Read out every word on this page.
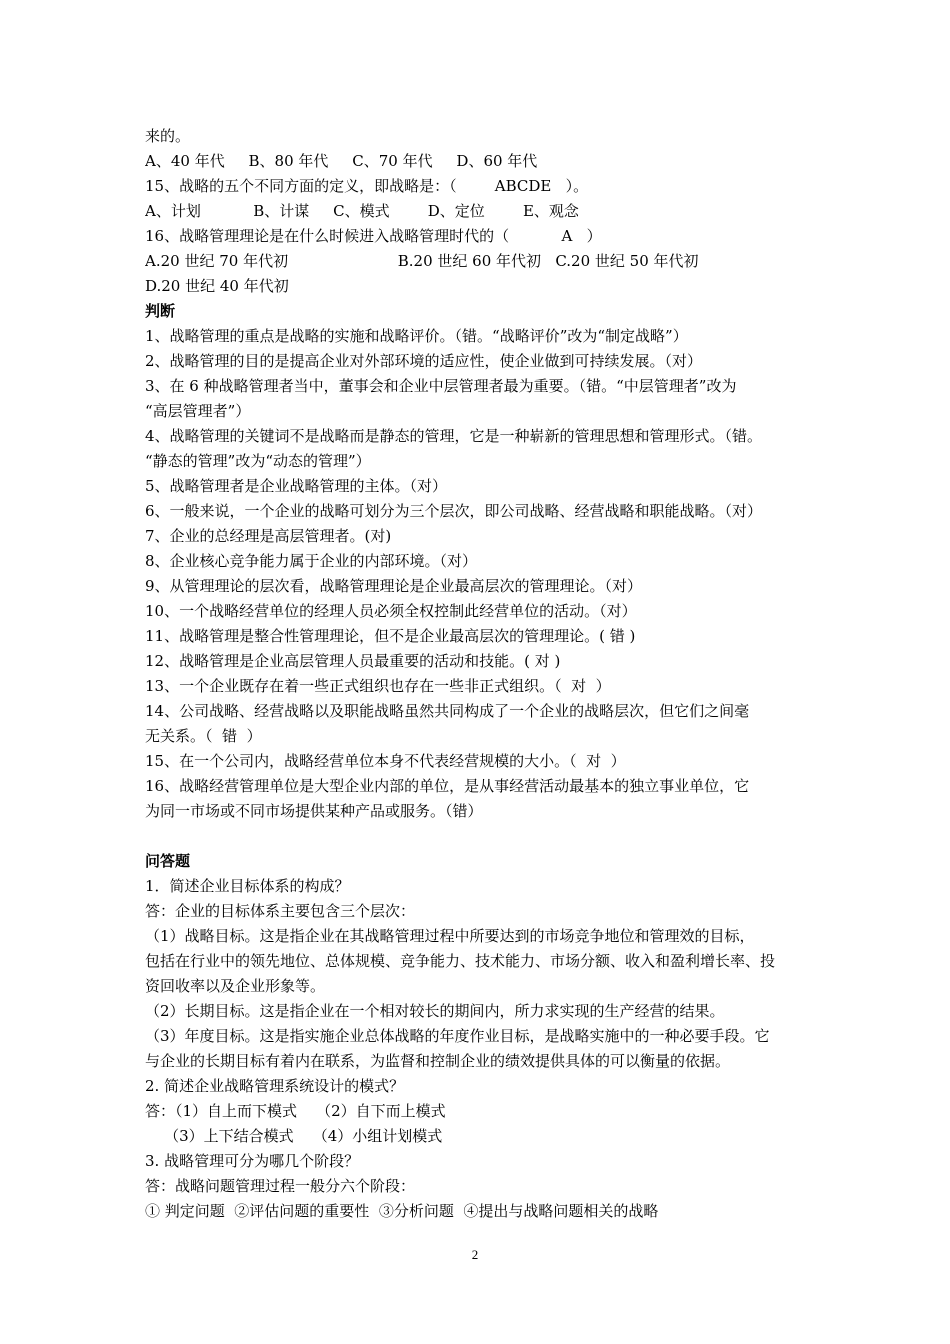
来的。
A、40 年代     B、80 年代     C、70 年代     D、60 年代
15、战略的五个不同方面的定义，即战略是：（        ABCDE   ）。
A、计划           B、计谋     C、模式        D、定位        E、观念
16、战略管理理论是在什么时候进入战略管理时代的（           A   ）
A.20 世纪 70 年代初                       B.20 世纪 60 年代初   C.20 世纪 50 年代初
D.20 世纪 40 年代初
判断
1、战略管理的重点是战略的实施和战略评价。（错。“战略评价”改为“制定战略”）
2、战略管理的目的是提高企业对外部环境的适应性，使企业做到可持续发展。（对）
3、在 6 种战略管理者当中，董事会和企业中层管理者最为重要。（错。“中层管理者”改为
“高层管理者”）
4、战略管理的关键词不是战略而是静态的管理，它是一种崭新的管理思想和管理形式。（错。
“静态的管理”改为“动态的管理”）
5、战略管理者是企业战略管理的主体。（对）
6、一般来说，一个企业的战略可划分为三个层次，即公司战略、经营战略和职能战略。（对）
7、企业的总经理是高层管理者。(对)
8、企业核心竞争能力属于企业的内部环境。（对）
9、从管理理论的层次看，战略管理理论是企业最高层次的管理理论。（对）
10、一个战略经营单位的经理人员必须全权控制此经营单位的活动。（对）
11、战略管理是整合性管理理论，但不是企业最高层次的管理理论。( 错 )
12、战略管理是企业高层管理人员最重要的活动和技能。( 对 )
13、一个企业既存在着一些正式组织也存在一些非正式组织。（  对  ）
14、公司战略、经营战略以及职能战略虽然共同构成了一个企业的战略层次，但它们之间毫
无关系。（  错  ）
15、在一个公司内，战略经营单位本身不代表经营规模的大小。（  对  ）
16、战略经营管理单位是大型企业内部的单位，是从事经营活动最基本的独立事业单位，它
为同一市场或不同市场提供某种产品或服务。（错）
问答题
1．简述企业目标体系的构成？
答：企业的目标体系主要包含三个层次：
（1）战略目标。这是指企业在其战略管理过程中所要达到的市场竞争地位和管理效的目标，
包括在行业中的领先地位、总体规模、竞争能力、技术能力、市场分额、收入和盈利增长率、投
资回收率以及企业形象等。
（2）长期目标。这是指企业在一个相对较长的期间内，所力求实现的生产经营的结果。
（3）年度目标。这是指实施企业总体战略的年度作业目标，是战略实施中的一种必要手段。它
与企业的长期目标有着内在联系，为监督和控制企业的绩效提供具体的可以衡量的依据。
2. 简述企业战略管理系统设计的模式？
答：（1）自上而下模式    （2）自下而上模式
（3）上下结合模式    （4）小组计划模式
3. 战略管理可分为哪几个阶段？
答：战略问题管理过程一般分六个阶段：
① 判定问题  ②评估问题的重要性  ③分析问题  ④提出与战略问题相关的战略
2
